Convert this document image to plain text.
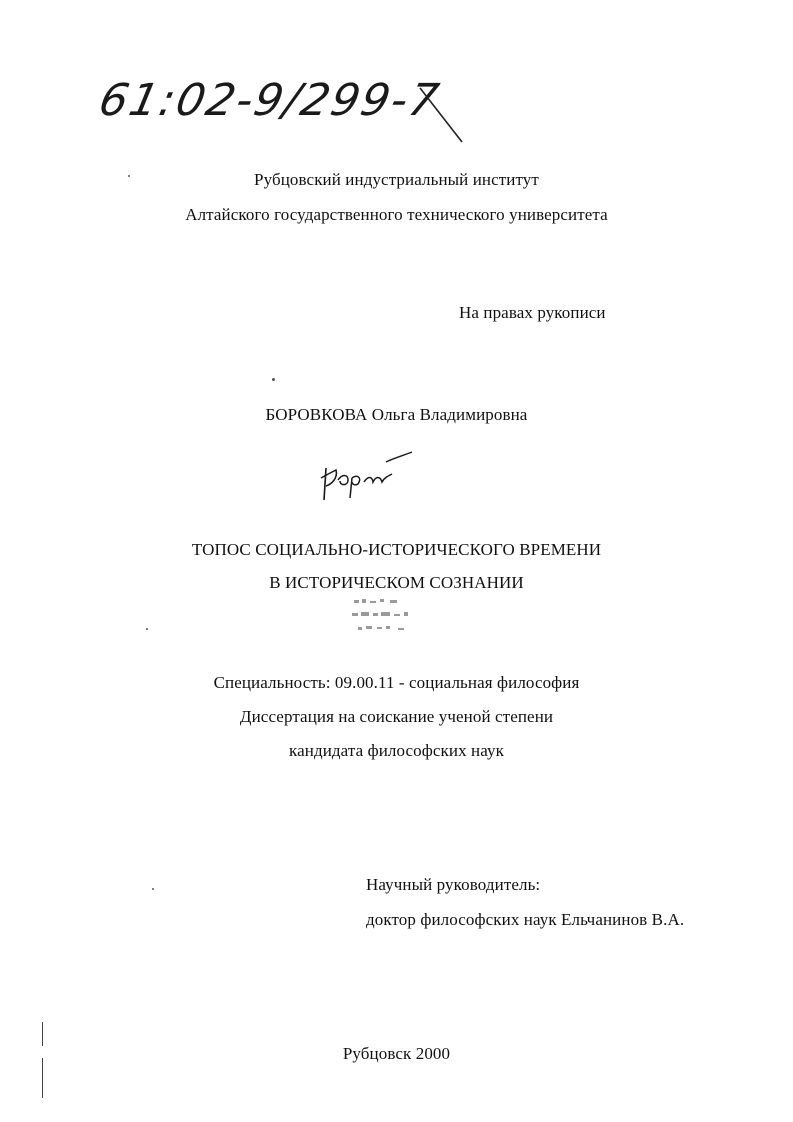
61:02-9/299-7
Рубцовский индустриальный институт
Алтайского государственного технического университета
На правах рукописи
БОРОВКОВА Ольга Владимировна
ТОПОС СОЦИАЛЬНО-ИСТОРИЧЕСКОГО ВРЕМЕНИ
В ИСТОРИЧЕСКОМ СОЗНАНИИ
Специальность: 09.00.11 - социальная философия
Диссертация на соискание ученой степени
кандидата философских наук
Научный руководитель:
доктор философских наук Ельчанинов В.А.
Рубцовск 2000
